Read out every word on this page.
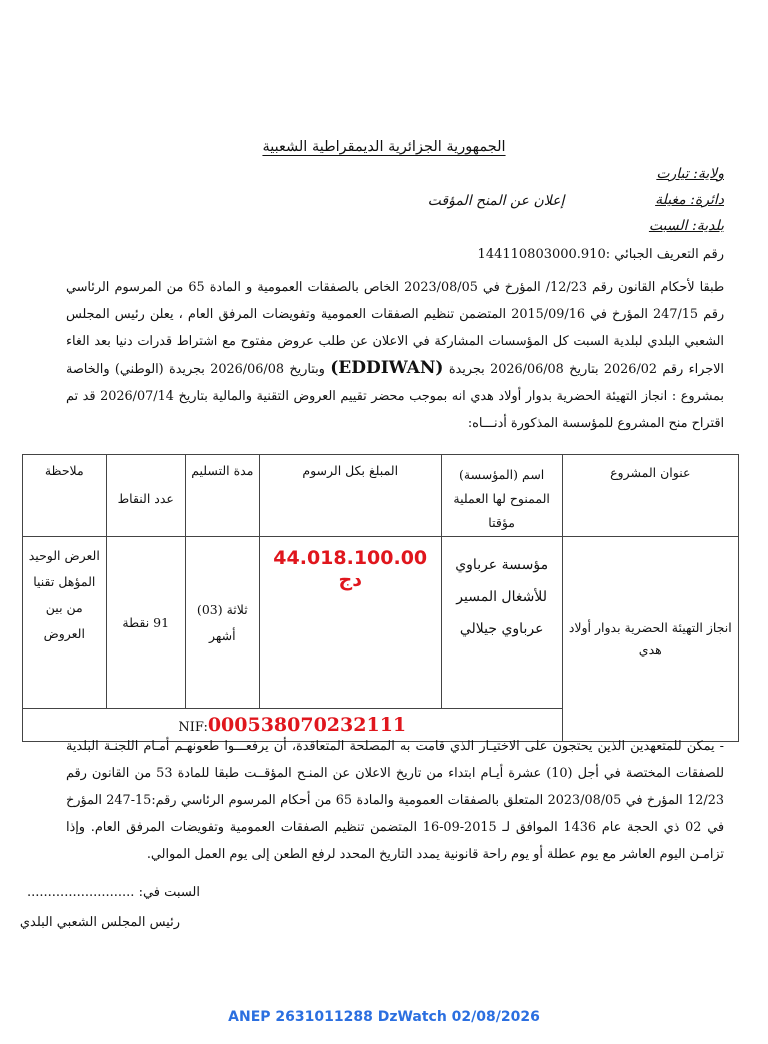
الجمهورية الجزائرية الديمقراطية الشعبية
ولاية: تيارت
دائرة: مغيلة
بلدية: السبت
إعلان عن المنح المؤقت
رقم التعريف الجبائي :144110803000.910
طبقا لأحكام القانون رقم 12/23/ المؤرخ في 2023/08/05 الخاص بالصفقات العمومية و المادة 65 من المرسوم الرئاسي رقم 247/15 المؤرخ في 2015/09/16 المتضمن تنظيم الصفقات العمومية وتفويضات المرفق العام ، يعلن رئيس المجلس الشعبي البلدي لبلدية السبت كل المؤسسات المشاركة في الاعلان عن طلب عروض مفتوح مع اشتراط قدرات دنيا بعد الغاء الاجراء رقم 2026/02 بتاريخ 2026/06/08 بجريدة (EDDIWAN) وبتاريخ 2026/06/08 بجريدة (الوطني) والخاصة بمشروع : انجاز التهيئة الحضرية بدوار أولاد هدي انه بموجب محضر تقييم العروض التقنية والمالية بتاريخ 2026/07/14 قد تم اقتراح منح المشروع للمؤسسة المذكورة أدنـــاه:
عنوان المشروع	اسم (المؤسسة) الممنوح لها العملية مؤقتا	المبلغ بكل الرسوم	مدة التسليم	عدد النقاط	ملاحظة
انجاز التهيئة الحضرية بدوار أولاد هدي	مؤسسة عرباوي للأشغال المسير عرباوي جيلالي	44.018.100.00 دج	ثلاثة (03) أشهر	91 نقطة	العرض الوحيد المؤهل تقنيا من بين العروض
	NIF:000538070232111				
- يمكن للمتعهدين الذين يحتجون على الاختيـار الذي قامت به المصلحة المتعاقدة، أن يرفعـــوا طعونهـم أمـام اللجنـة البلدية للصفقات المختصة في أجل (10) عشرة أيـام ابتداء من تاريخ الاعلان عن المنـح المؤقــت طبقا للمادة 53 من القانون رقم 12/23 المؤرخ في 2023/08/05 المتعلق بالصفقات العمومية والمادة 65 من أحكام المرسوم الرئاسي رقم:15-247 المؤرخ في 02 ذي الحجة عام 1436 الموافق لـ 2015-09-16 المتضمن تنظيم الصفقات العمومية وتفويضات المرفق العام. وإذا تزامـن اليوم العاشر مع يوم عطلة أو يوم راحة قانونية يمدد التاريخ المحدد لرفع الطعن إلى يوم العمل الموالي.
السبت في: ..........................
رئيس المجلس الشعبي البلدي
ANEP 2631011288 DzWatch 02/08/2026
